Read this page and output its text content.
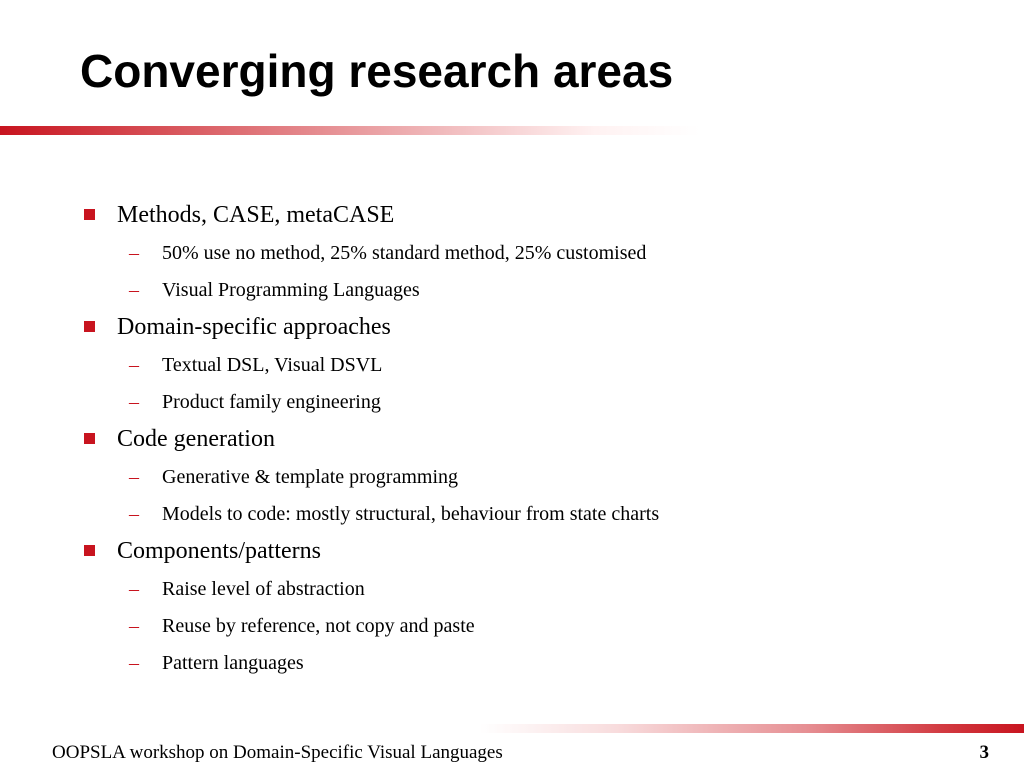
Converging research areas
Methods, CASE, metaCASE
– 50% use no method, 25% standard method, 25% customised
– Visual Programming Languages
Domain-specific approaches
– Textual DSL, Visual DSVL
– Product family engineering
Code generation
– Generative & template programming
– Models to code: mostly structural, behaviour from state charts
Components/patterns
– Raise level of abstraction
– Reuse by reference, not copy and paste
– Pattern languages
OOPSLA workshop on Domain-Specific Visual Languages	3
